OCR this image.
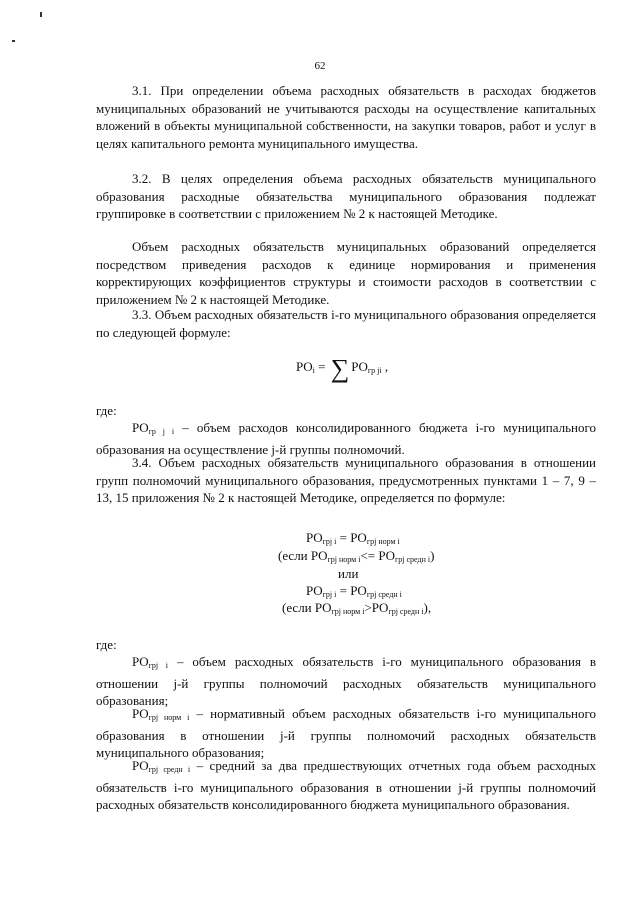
62

3.1. При определении объема расходных обязательств в расходах бюджетов муниципальных образований не учитываются расходы на осуществление капитальных вложений в объекты муниципальной собственности, на закупки товаров, работ и услуг в целях капитального ремонта муниципального имущества.

3.2. В целях определения объема расходных обязательств муниципального образования расходные обязательства муниципального образования подлежат группировке в соответствии с приложением № 2 к настоящей Методике.

Объем расходных обязательств муниципальных образований определяется посредством приведения расходов к единице нормирования и применения корректирующих коэффициентов структуры и стоимости расходов в соответствии с приложением № 2 к настоящей Методике.

3.3. Объем расходных обязательств i-го муниципального образования определяется по следующей формуле:

$PO_i$ = ∑ $PO_{гр ji}$ ,

где:

$PO_{гр j i}$ – объем расходов консолидированного бюджета i-го муниципального образования на осуществление j-й группы полномочий.

3.4. Объем расходных обязательств муниципального образования в отношении групп полномочий муниципального образования, предусмотренных пунктами 1 – 7, 9 – 13, 15 приложения № 2 к настоящей Методике, определяется по формуле:

$PO_{грj i} = PO_{грj норм i}$
(если $PO_{грj норм i}<= PO_{грj средн i}$)
или
$PO_{грj i} = PO_{грj средн i}$
(если $PO_{грj норм i}>PO_{грj средн i}$),

где:

$PO_{грj i}$ – объем расходных обязательств i-го муниципального образования в отношении j-й группы полномочий расходных обязательств муниципального образования;

$PO_{грj норм i}$ – нормативный объем расходных обязательств i-го муниципального образования в отношении j-й группы полномочий расходных обязательств муниципального образования;

$PO_{грj средн i}$ – средний за два предшествующих отчетных года объем расходных обязательств i-го муниципального образования в отношении j-й группы полномочий расходных обязательств консолидированного бюджета муниципального образования.
